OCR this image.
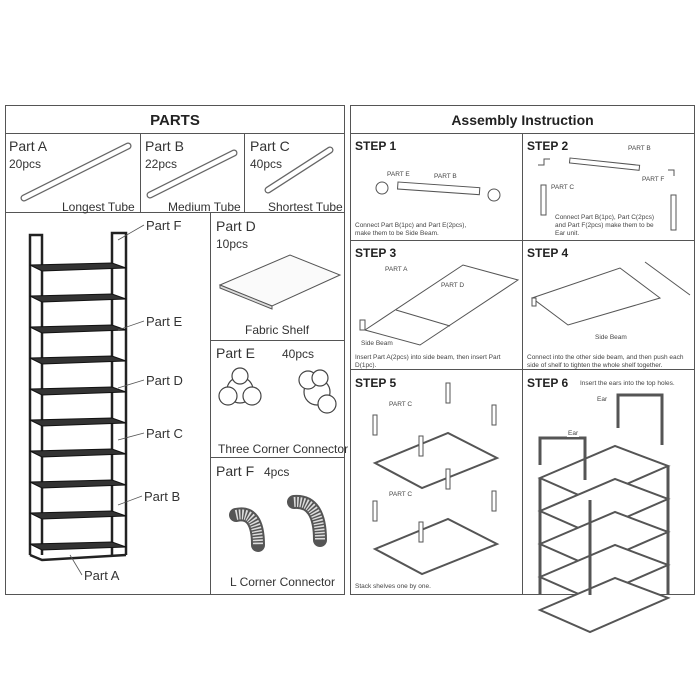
PARTS
Part A
20pcs
Longest Tube
Part B
22pcs
Medium Tube
Part C
40pcs
Shortest Tube
Part F
Part E
Part D
Part C
Part B
Part A
Part D
10pcs
Fabric Shelf
Part E 40pcs
Three Corner Connector
Part F 4pcs
L Corner Connector
Assembly Instruction
STEP 1
PART E	PART B
Connect Part B(1pc) and Part E(2pcs), make them to be Side Beam.
STEP 2	PART B
PART C
PART F
Connect Part B(1pc), Part C(2pcs) and Part F(2pcs) make them to be Ear unit.
STEP 3
PART A
PART D
Side Beam
Insert Part A(2pcs) into side beam, then insert Part D(1pc).
STEP 4
Side Beam
Connect into the other side beam, and then push each side of shelf to tighten the whole shelf together.
STEP 5
PART C
PART C
Stack shelves one by one.
STEP 6 Insert the ears into the top holes.
Ear
Ear
